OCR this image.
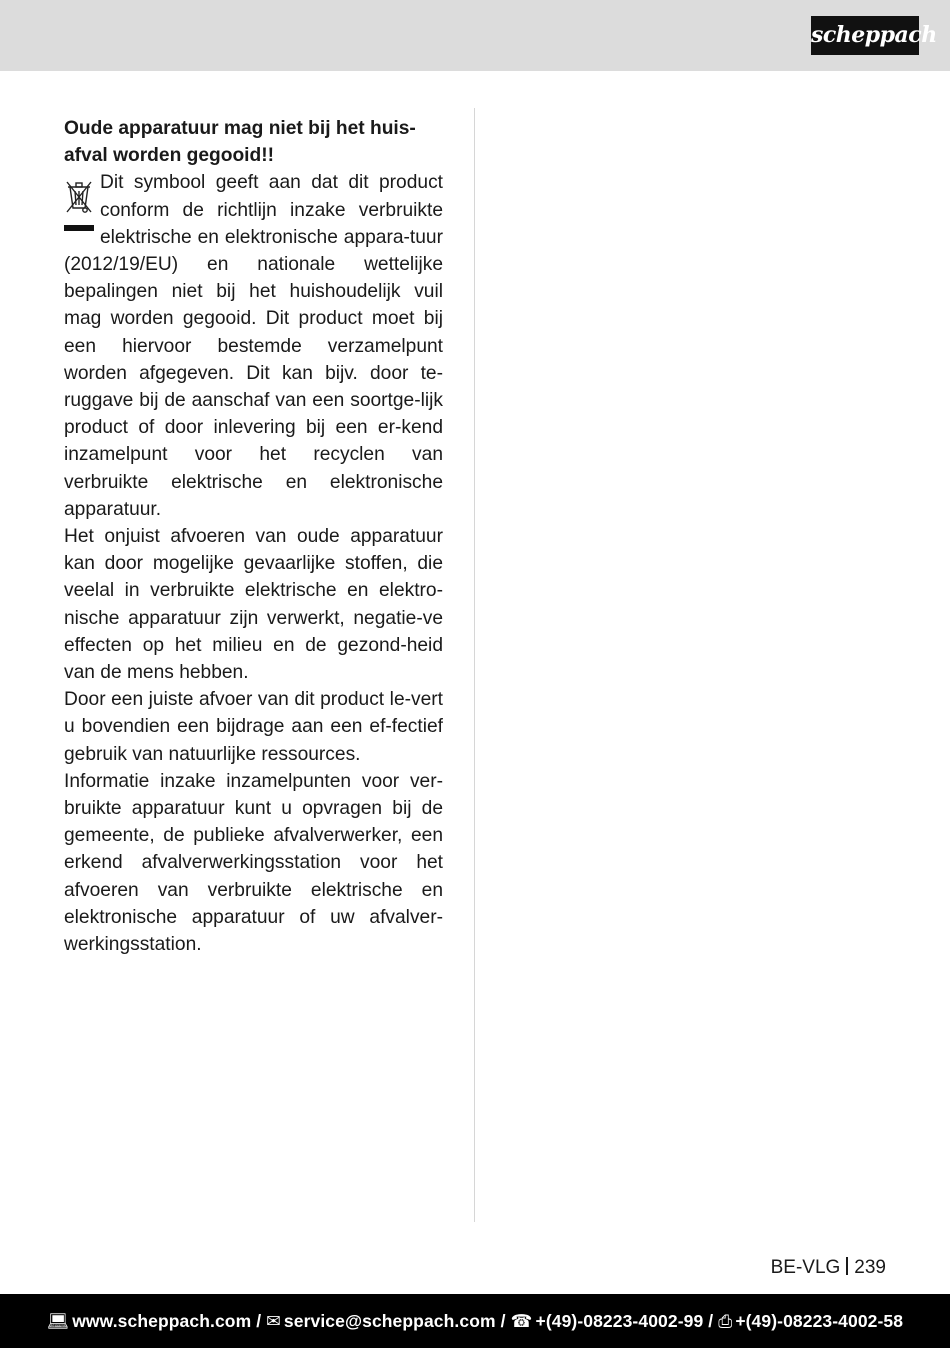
scheppach

Oude apparatuur mag niet bij het huis-afval worden gegooid!!

Dit symbool geeft aan dat dit product conform de richtlijn inzake verbruikte elektrische en elektronische appara-tuur (2012/19/EU) en nationale wettelijke bepalingen niet bij het huishoudelijk vuil mag worden gegooid. Dit product moet bij een hiervoor bestemde verzamelpunt worden afgegeven. Dit kan bijv. door te-ruggave bij de aanschaf van een soortge-lijk product of door inlevering bij een er-kend inzamelpunt voor het recyclen van verbruikte elektrische en elektronische apparatuur.

Het onjuist afvoeren van oude apparatuur kan door mogelijke gevaarlijke stoffen, die veelal in verbruikte elektrische en elektro-nische apparatuur zijn verwerkt, negatie-ve effecten op het milieu en de gezond-heid van de mens hebben.

Door een juiste afvoer van dit product le-vert u bovendien een bijdrage aan een ef-fectief gebruik van natuurlijke ressources.

Informatie inzake inzamelpunten voor ver-bruikte apparatuur kunt u opvragen bij de gemeente, de publieke afvalverwerker, een erkend afvalverwerkingsstation voor het afvoeren van verbruikte elektrische en elektronische apparatuur of uw afvalver-werkingsstation.

BE-VLG 239
💻︎ www.scheppach.com / ✉ service@scheppach.com / ☎ +(49)-08223-4002-99 / ⎙ +(49)-08223-4002-58
